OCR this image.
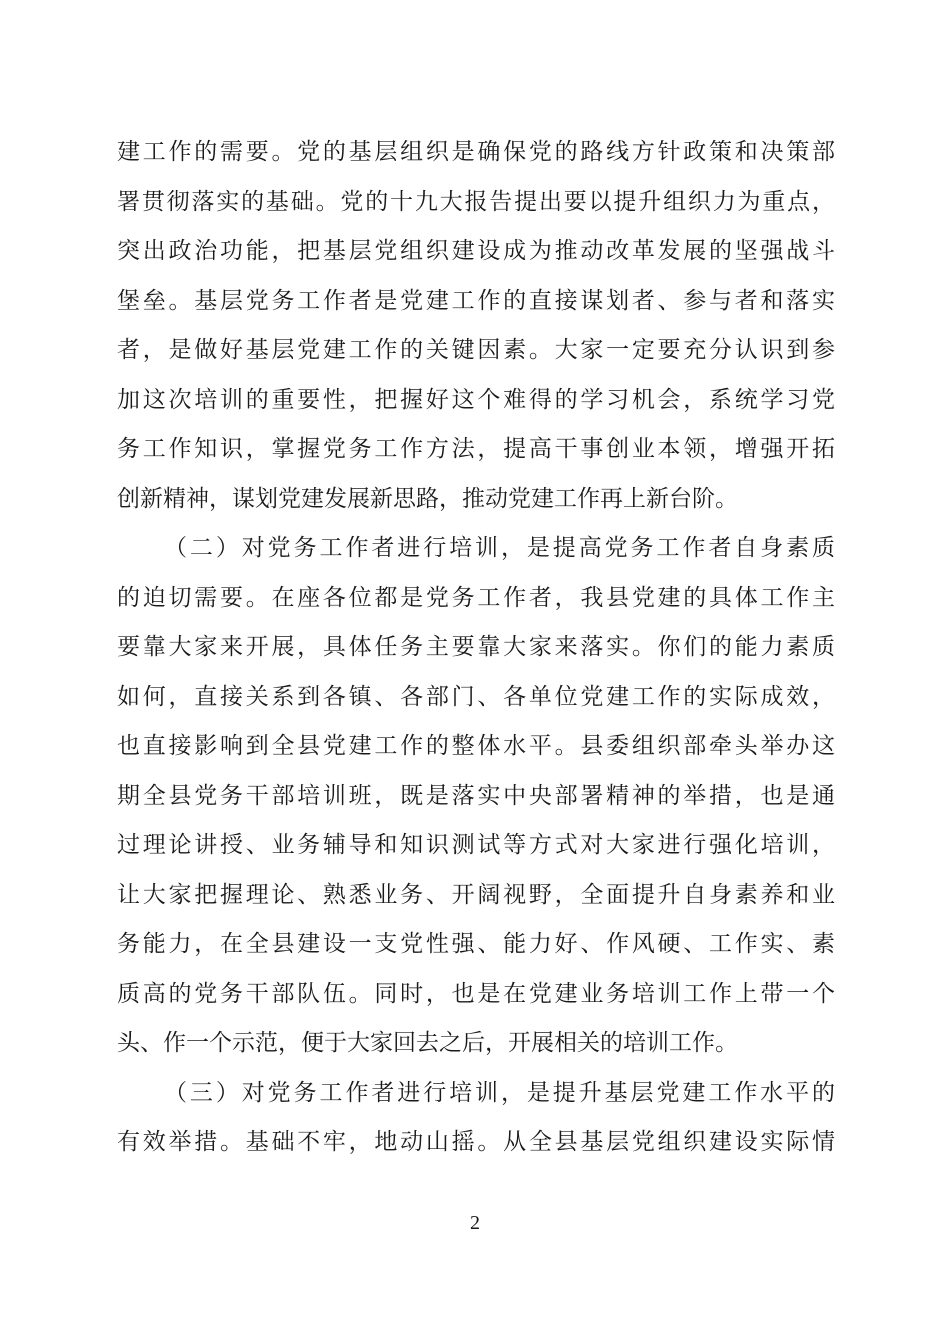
建工作的需要。党的基层组织是确保党的路线方针政策和决策部
署贯彻落实的基础。党的十九大报告提出要以提升组织力为重点，
突出政治功能，把基层党组织建设成为推动改革发展的坚强战斗
堡垒。基层党务工作者是党建工作的直接谋划者、参与者和落实
者，是做好基层党建工作的关键因素。大家一定要充分认识到参
加这次培训的重要性，把握好这个难得的学习机会，系统学习党
务工作知识，掌握党务工作方法，提高干事创业本领，增强开拓
创新精神，谋划党建发展新思路，推动党建工作再上新台阶。
（二）对党务工作者进行培训，是提高党务工作者自身素质
的迫切需要。在座各位都是党务工作者，我县党建的具体工作主
要靠大家来开展，具体任务主要靠大家来落实。你们的能力素质
如何，直接关系到各镇、各部门、各单位党建工作的实际成效，
也直接影响到全县党建工作的整体水平。县委组织部牵头举办这
期全县党务干部培训班，既是落实中央部署精神的举措，也是通
过理论讲授、业务辅导和知识测试等方式对大家进行强化培训，
让大家把握理论、熟悉业务、开阔视野，全面提升自身素养和业
务能力，在全县建设一支党性强、能力好、作风硬、工作实、素
质高的党务干部队伍。同时，也是在党建业务培训工作上带一个
头、作一个示范，便于大家回去之后，开展相关的培训工作。
（三）对党务工作者进行培训，是提升基层党建工作水平的
有效举措。基础不牢，地动山摇。从全县基层党组织建设实际情
2
